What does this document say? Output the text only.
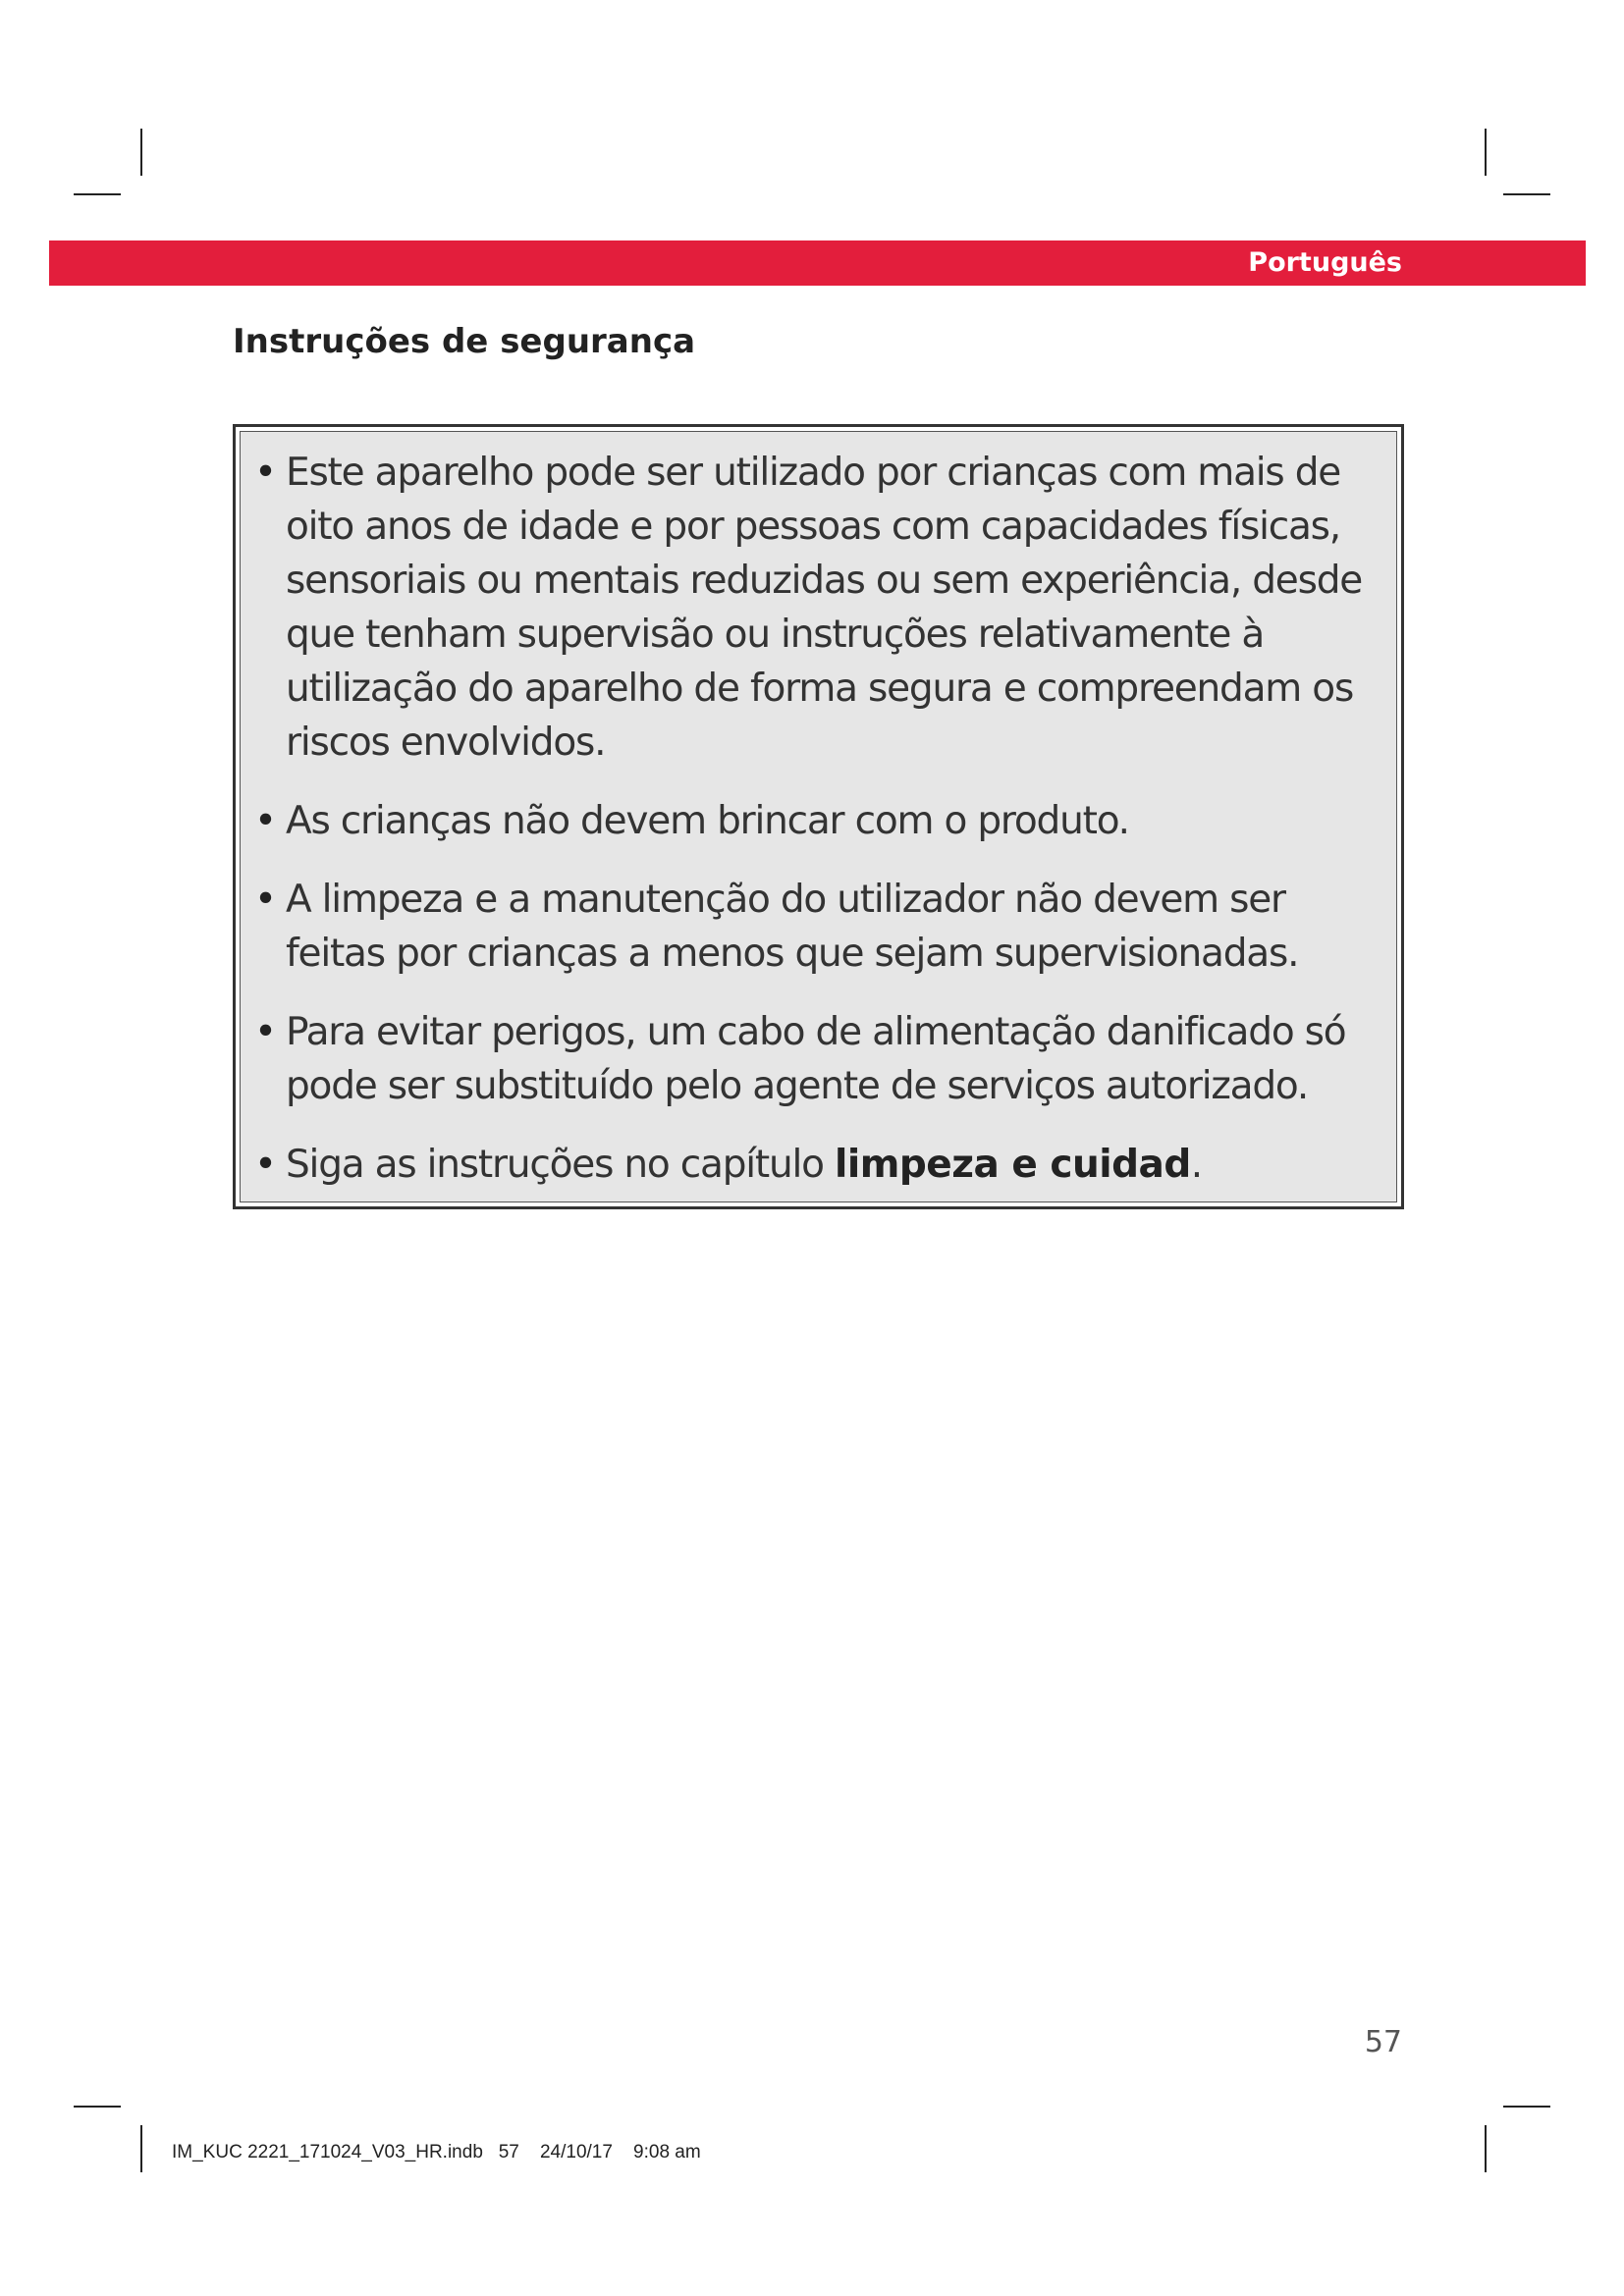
Português
Instruções de segurança
• Este aparelho pode ser utilizado por crianças com mais de oito anos de idade e por pessoas com capacidades físicas, sensoriais ou mentais reduzidas ou sem experiência, desde que tenham supervisão ou instruções relativamente à utilização do aparelho de forma segura e compreendam os riscos envolvidos.
• As crianças não devem brincar com o produto.
• A limpeza e a manutenção do utilizador não devem ser feitas por crianças a menos que sejam supervisionadas.
• Para evitar perigos, um cabo de alimentação danificado só pode ser substituído pelo agente de serviços autorizado.
• Siga as instruções no capítulo limpeza e cuidad.
57
IM_KUC 2221_171024_V03_HR.indb   57    24/10/17    9:08 am
